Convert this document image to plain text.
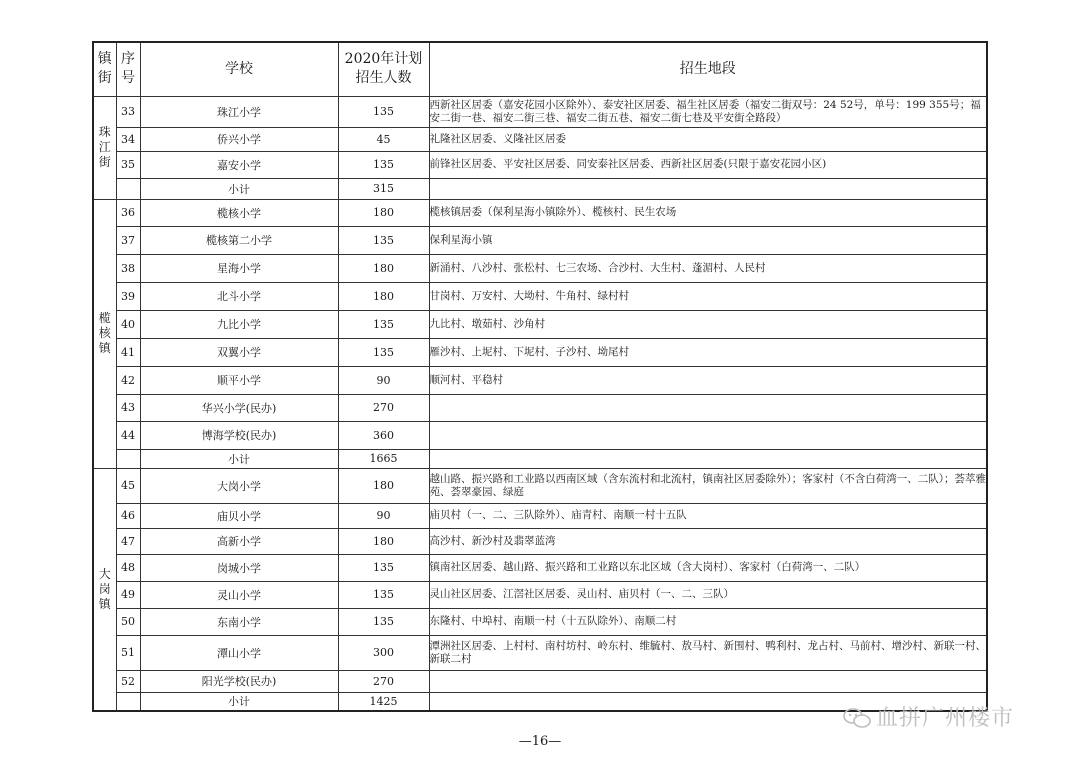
镇街	序号	学校	2020年计划招生人数	招生地段
珠江街	33	珠江小学	135	西新社区居委（嘉安花园小区除外）、泰安社区居委、福生社区居委（福安二街双号：24 52号，单号：199 355号；福安二街一巷、福安二街三巷、福安二街五巷、福安二街七巷及平安街全路段）
	34	侨兴小学	45	礼隆社区居委、义隆社区居委
	35	嘉安小学	135	前锋社区居委、平安社区居委、同安泰社区居委、西新社区居委(只限于嘉安花园小区)
		小计	315	
榄核镇	36	榄核小学	180	榄核镇居委（保利星海小镇除外）、榄核村、民生农场
	37	榄核第二小学	135	保利星海小镇
	38	星海小学	180	新涌村、八沙村、张松村、七三农场、合沙村、大生村、蓬湄村、人民村
	39	北斗小学	180	甘岗村、万安村、大坳村、牛角村、绿村村
	40	九比小学	135	九比村、墩茹村、沙角村
	41	双翼小学	135	雁沙村、上坭村、下坭村、子沙村、坳尾村
	42	顺平小学	90	顺河村、平稳村
	43	华兴小学(民办)	270	
	44	博海学校(民办)	360	
		小计	1665	
大岗镇	45	大岗小学	180	越山路、振兴路和工业路以西南区域（含东流村和北流村，镇南社区居委除外）；客家村（不含白荷湾一、二队）；荟萃雅苑、荟翠豪园、绿庭
	46	庙贝小学	90	庙贝村（一、二、三队除外）、庙青村、南顺一村十五队
	47	高新小学	180	高沙村、新沙村及翡翠蓝湾
	48	岗城小学	135	镇南社区居委、越山路、振兴路和工业路以东北区域（含大岗村）、客家村（白荷湾一、二队）
	49	灵山小学	135	灵山社区居委、江滘社区居委、灵山村、庙贝村（一、二、三队）
	50	东南小学	135	东隆村、中埠村、南顺一村（十五队除外）、南顺二村
	51	潭山小学	300	潭洲社区居委、上村村、南村坊村、岭东村、维毓村、敖马村、新围村、鸭利村、龙占村、马前村、增沙村、新联一村、新联二村
	52	阳光学校(民办)	270	
		小计	1425	
血拼广州楼市
—16—
